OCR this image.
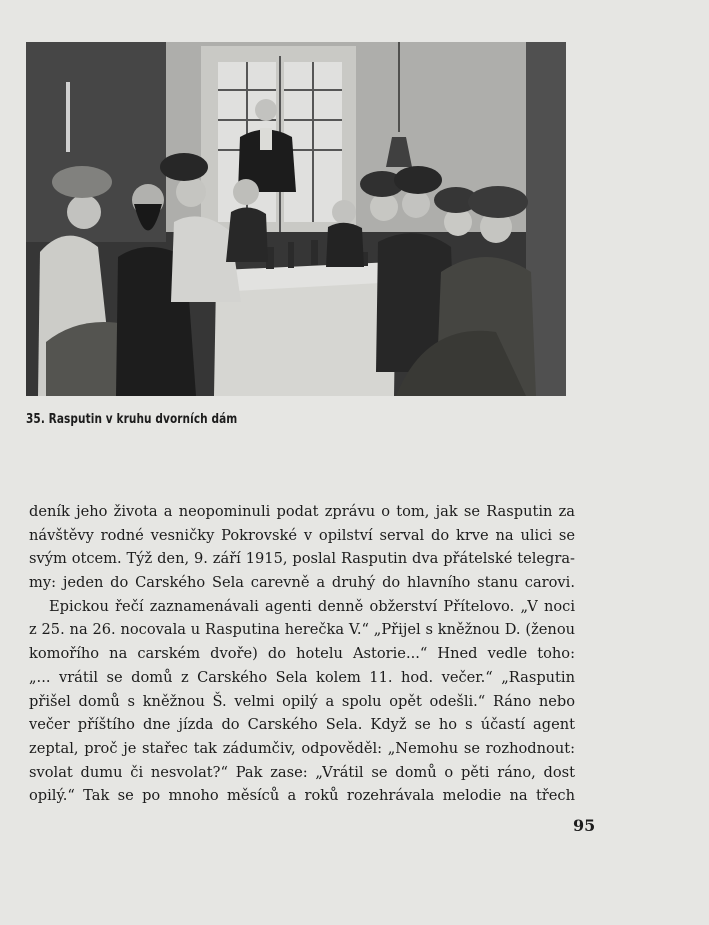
35. Rasputin v kruhu dvorních dám
deník jeho života a neopominuli podat zprávu o tom, jak se Rasputin za
návštěvy rodné vesničky Pokrovské v opilství serval do krve na ulici se
svým otcem. Týž den, 9. září 1915, poslal Rasputin dva přátelské telegra-
my: jeden do Carského Sela carevně a druhý do hlavního stanu carovi.
Epickou řečí zaznamenávali agenti denně obžerství Přítelovo. „V noci
z 25. na 26. nocovala u Rasputina herečka V.“ „Přijel s kněžnou D. (ženou
komořího na carském dvoře) do hotelu Astorie...“ Hned vedle toho:
„... vrátil se domů z Carského Sela kolem 11. hod. večer.“ „Rasputin
přišel domů s kněžnou Š. velmi opilý a spolu opět odešli.“ Ráno nebo
večer příštího dne jízda do Carského Sela. Když se ho s účastí agent
zeptal, proč je stařec tak zádumčiv, odpověděl: „Nemohu se rozhodnout:
svolat dumu či nesvolat?“ Pak zase: „Vrátil se domů o pěti ráno, dost
opilý.“ Tak se po mnoho měsíců a roků rozehrávala melodie na třech
95
